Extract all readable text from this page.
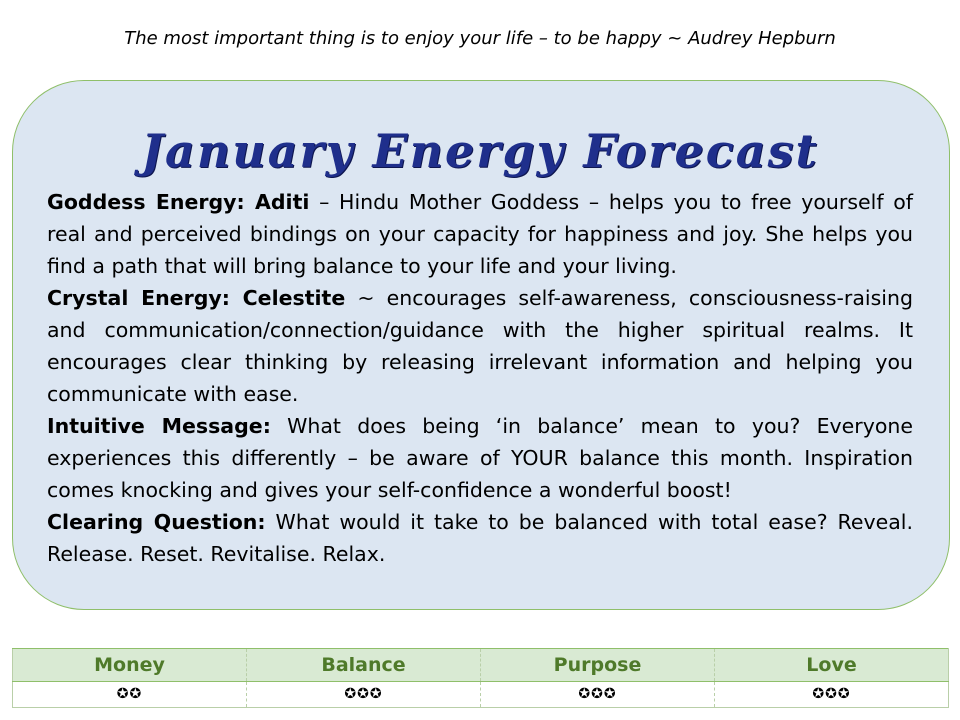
The most important thing is to enjoy your life – to be happy ~ Audrey Hepburn
January Energy Forecast

Goddess Energy: Aditi – Hindu Mother Goddess – helps you to free yourself of real and perceived bindings on your capacity for happiness and joy. She helps you find a path that will bring balance to your life and your living.

Crystal Energy: Celestite ~ encourages self-awareness, consciousness-raising and communication/connection/guidance with the higher spiritual realms. It encourages clear thinking by releasing irrelevant information and helping you communicate with ease.

Intuitive Message: What does being ‘in balance’ mean to you? Everyone experiences this differently – be aware of YOUR balance this month. Inspiration comes knocking and gives your self-confidence a wonderful boost!

Clearing Question: What would it take to be balanced with total ease? Reveal. Release. Reset. Revitalise. Relax.

Money	Balance	Purpose	Love
✪✪	✪✪✪	✪✪✪	✪✪✪
